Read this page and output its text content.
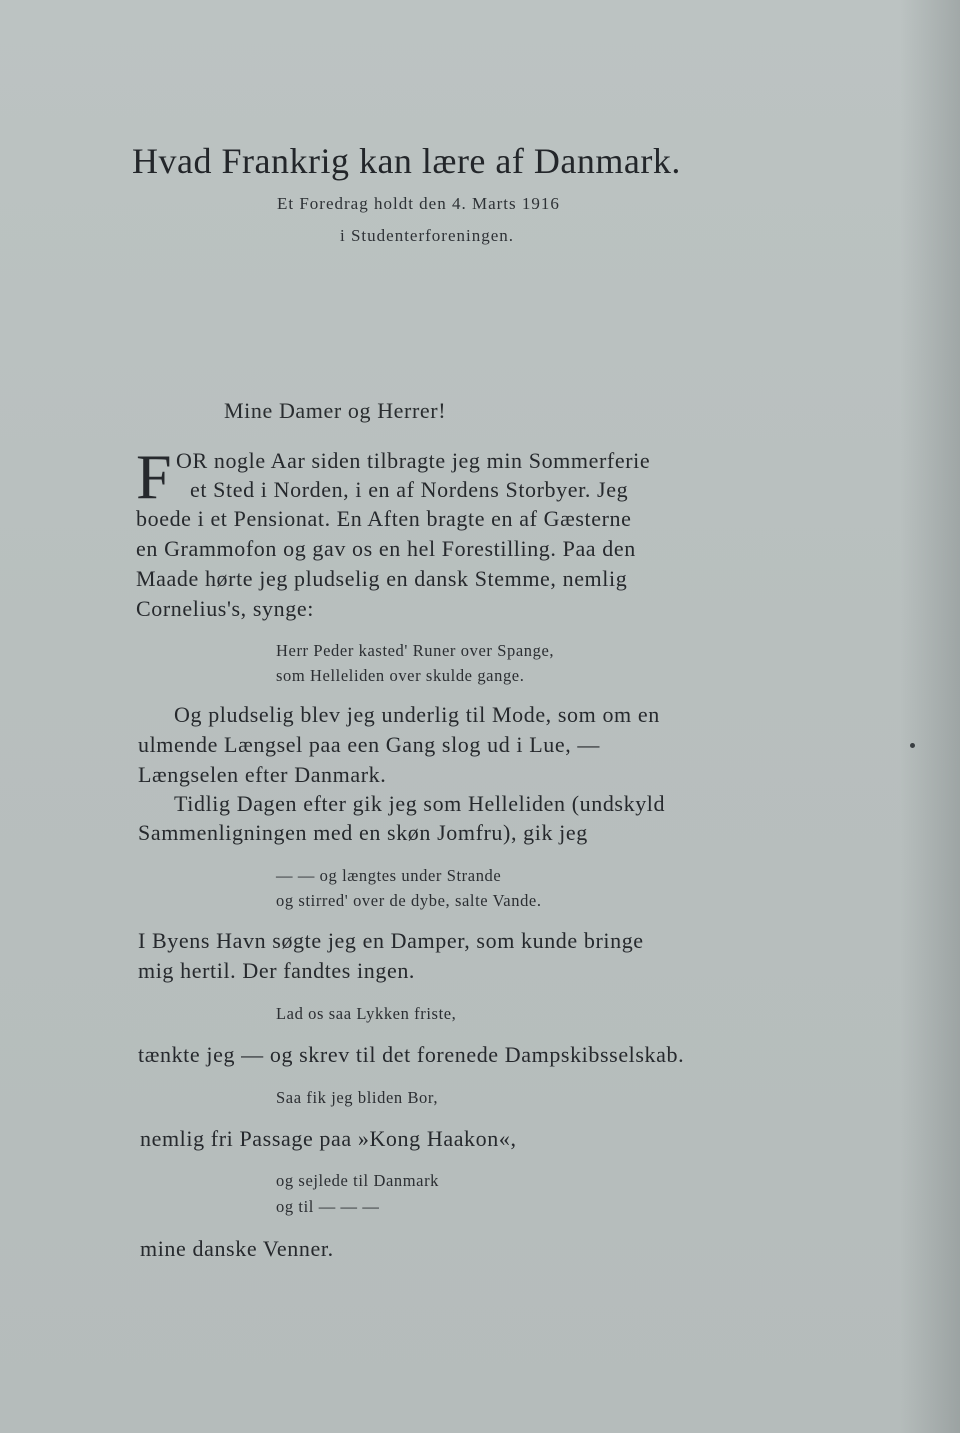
Hvad Frankrig kan lære af Danmark.
Et Foredrag holdt den 4. Marts 1916
i Studenterforeningen.
Mine Damer og Herrer!
F OR nogle Aar siden tilbragte jeg min Sommerferie
et Sted i Norden, i en af Nordens Storbyer. Jeg
boede i et Pensionat. En Aften bragte en af Gæsterne
en Grammofon og gav os en hel Forestilling. Paa den
Maade hørte jeg pludselig en dansk Stemme, nemlig
Cornelius's, synge:
Herr Peder kasted' Runer over Spange,
som Helleliden over skulde gange.
Og pludselig blev jeg underlig til Mode, som om en
ulmende Længsel paa een Gang slog ud i Lue, —
Længselen efter Danmark.
Tidlig Dagen efter gik jeg som Helleliden (undskyld
Sammenligningen med en skøn Jomfru), gik jeg
— — og længtes under Strande
og stirred' over de dybe, salte Vande.
I Byens Havn søgte jeg en Damper, som kunde bringe
mig hertil. Der fandtes ingen.
Lad os saa Lykken friste,
tænkte jeg — og skrev til det forenede Dampskibsselskab.
Saa fik jeg bliden Bor,
nemlig fri Passage paa »Kong Haakon«,
og sejlede til Danmark
og til — — —
mine danske Venner.
